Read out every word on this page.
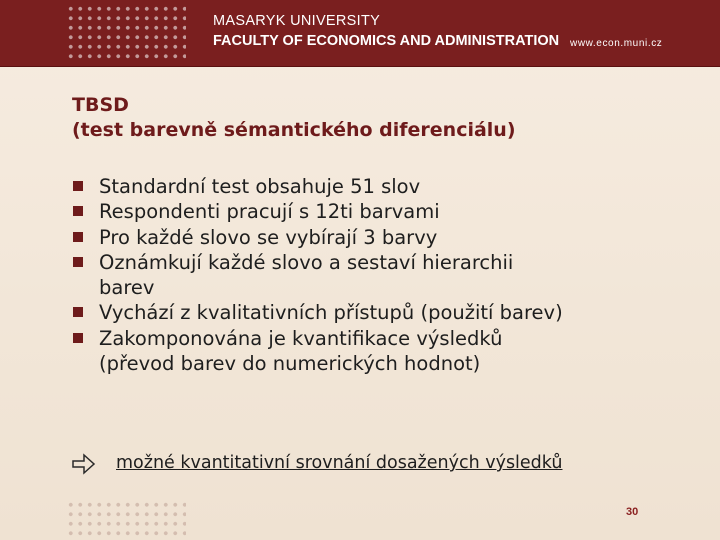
MASARYK UNIVERSITY
FACULTY OF ECONOMICS AND ADMINISTRATION www.econ.muni.cz
TBSD
(test barevně sémantického diferenciálu)
Standardní test obsahuje 51 slov
Respondenti pracují s 12ti barvami
Pro každé slovo se vybírají 3 barvy
Oznámkují každé slovo a sestaví hierarchii
barev
Vychází z kvalitativních přístupů (použití barev)
Zakomponována je kvantifikace výsledků
(převod barev do numerických hodnot)
možné kvantitativní srovnání dosažených výsledků
30
